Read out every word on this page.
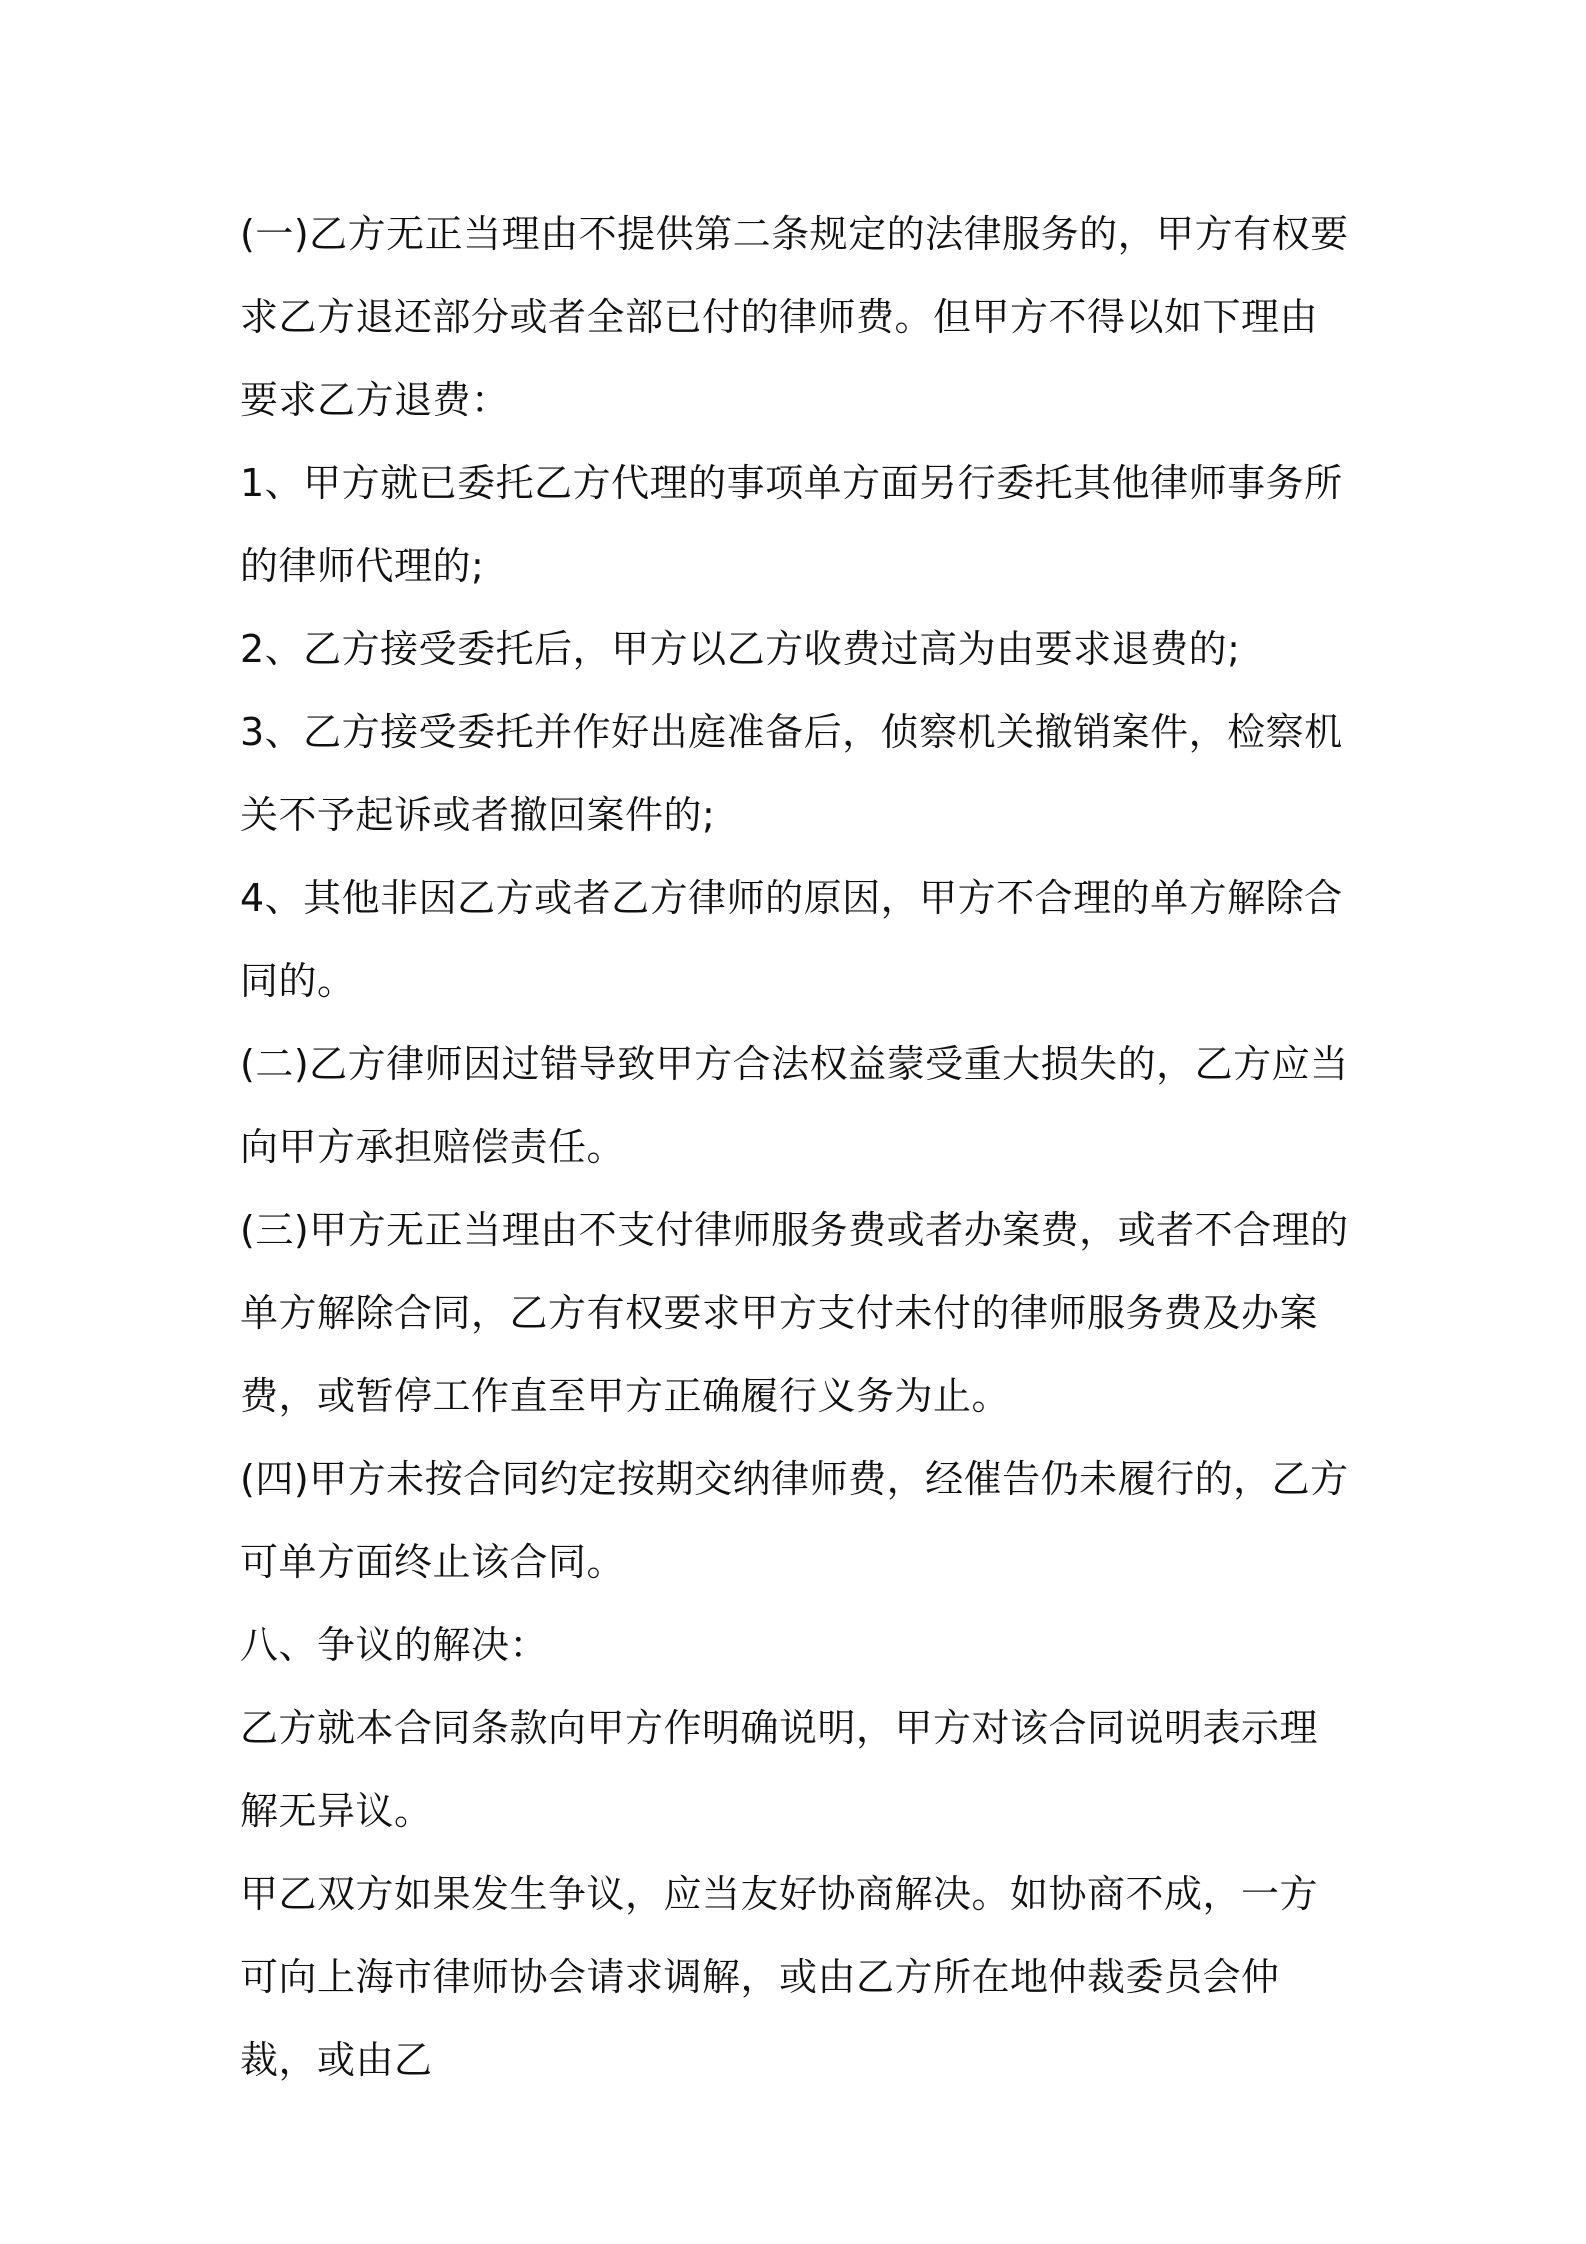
(一)乙方无正当理由不提供第二条规定的法律服务的，甲方有权要求乙方退还部分或者全部已付的律师费。但甲方不得以如下理由要求乙方退费：

1、甲方就已委托乙方代理的事项单方面另行委托其他律师事务所的律师代理的;

2、乙方接受委托后，甲方以乙方收费过高为由要求退费的;

3、乙方接受委托并作好出庭准备后，侦察机关撤销案件，检察机关不予起诉或者撤回案件的;

4、其他非因乙方或者乙方律师的原因，甲方不合理的单方解除合同的。

(二)乙方律师因过错导致甲方合法权益蒙受重大损失的，乙方应当向甲方承担赔偿责任。

(三)甲方无正当理由不支付律师服务费或者办案费，或者不合理的单方解除合同，乙方有权要求甲方支付未付的律师服务费及办案费，或暂停工作直至甲方正确履行义务为止。

(四)甲方未按合同约定按期交纳律师费，经催告仍未履行的，乙方可单方面终止该合同。

八、争议的解决：

乙方就本合同条款向甲方作明确说明，甲方对该合同说明表示理解无异议。

甲乙双方如果发生争议，应当友好协商解决。如协商不成，一方可向上海市律师协会请求调解，或由乙方所在地仲裁委员会仲裁，或由乙
